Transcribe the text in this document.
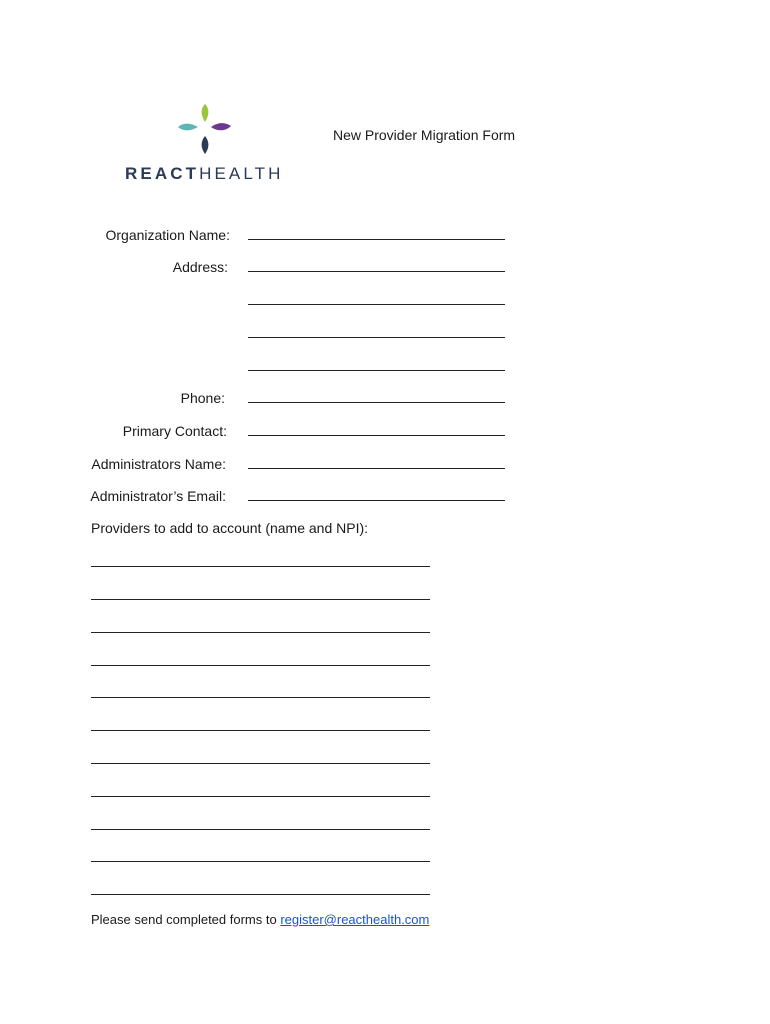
REACTHEALTH
New Provider Migration Form
Organization Name:
Address:
Phone:
Primary Contact:
Administrators Name:
Administrator’s Email:
Providers to add to account (name and NPI):
Please send completed forms to register@reacthealth.com
